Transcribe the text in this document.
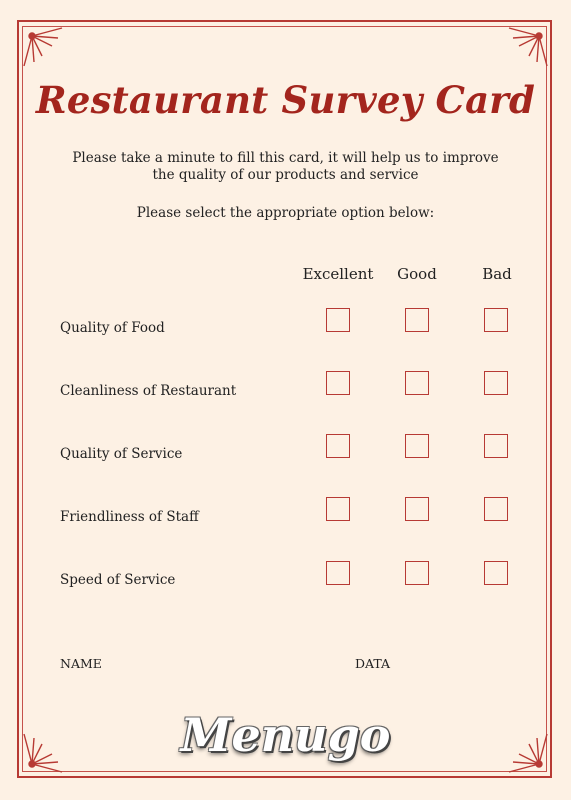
Restaurant Survey Card
Please take a minute to fill this card, it will help us to improve
the quality of our products and service
Please select the appropriate option below:
Excellent	Good	Bad
Quality of Food
Cleanliness of Restaurant
Quality of Service
Friendliness of Staff
Speed of Service
NAME	DATA
Menugo
